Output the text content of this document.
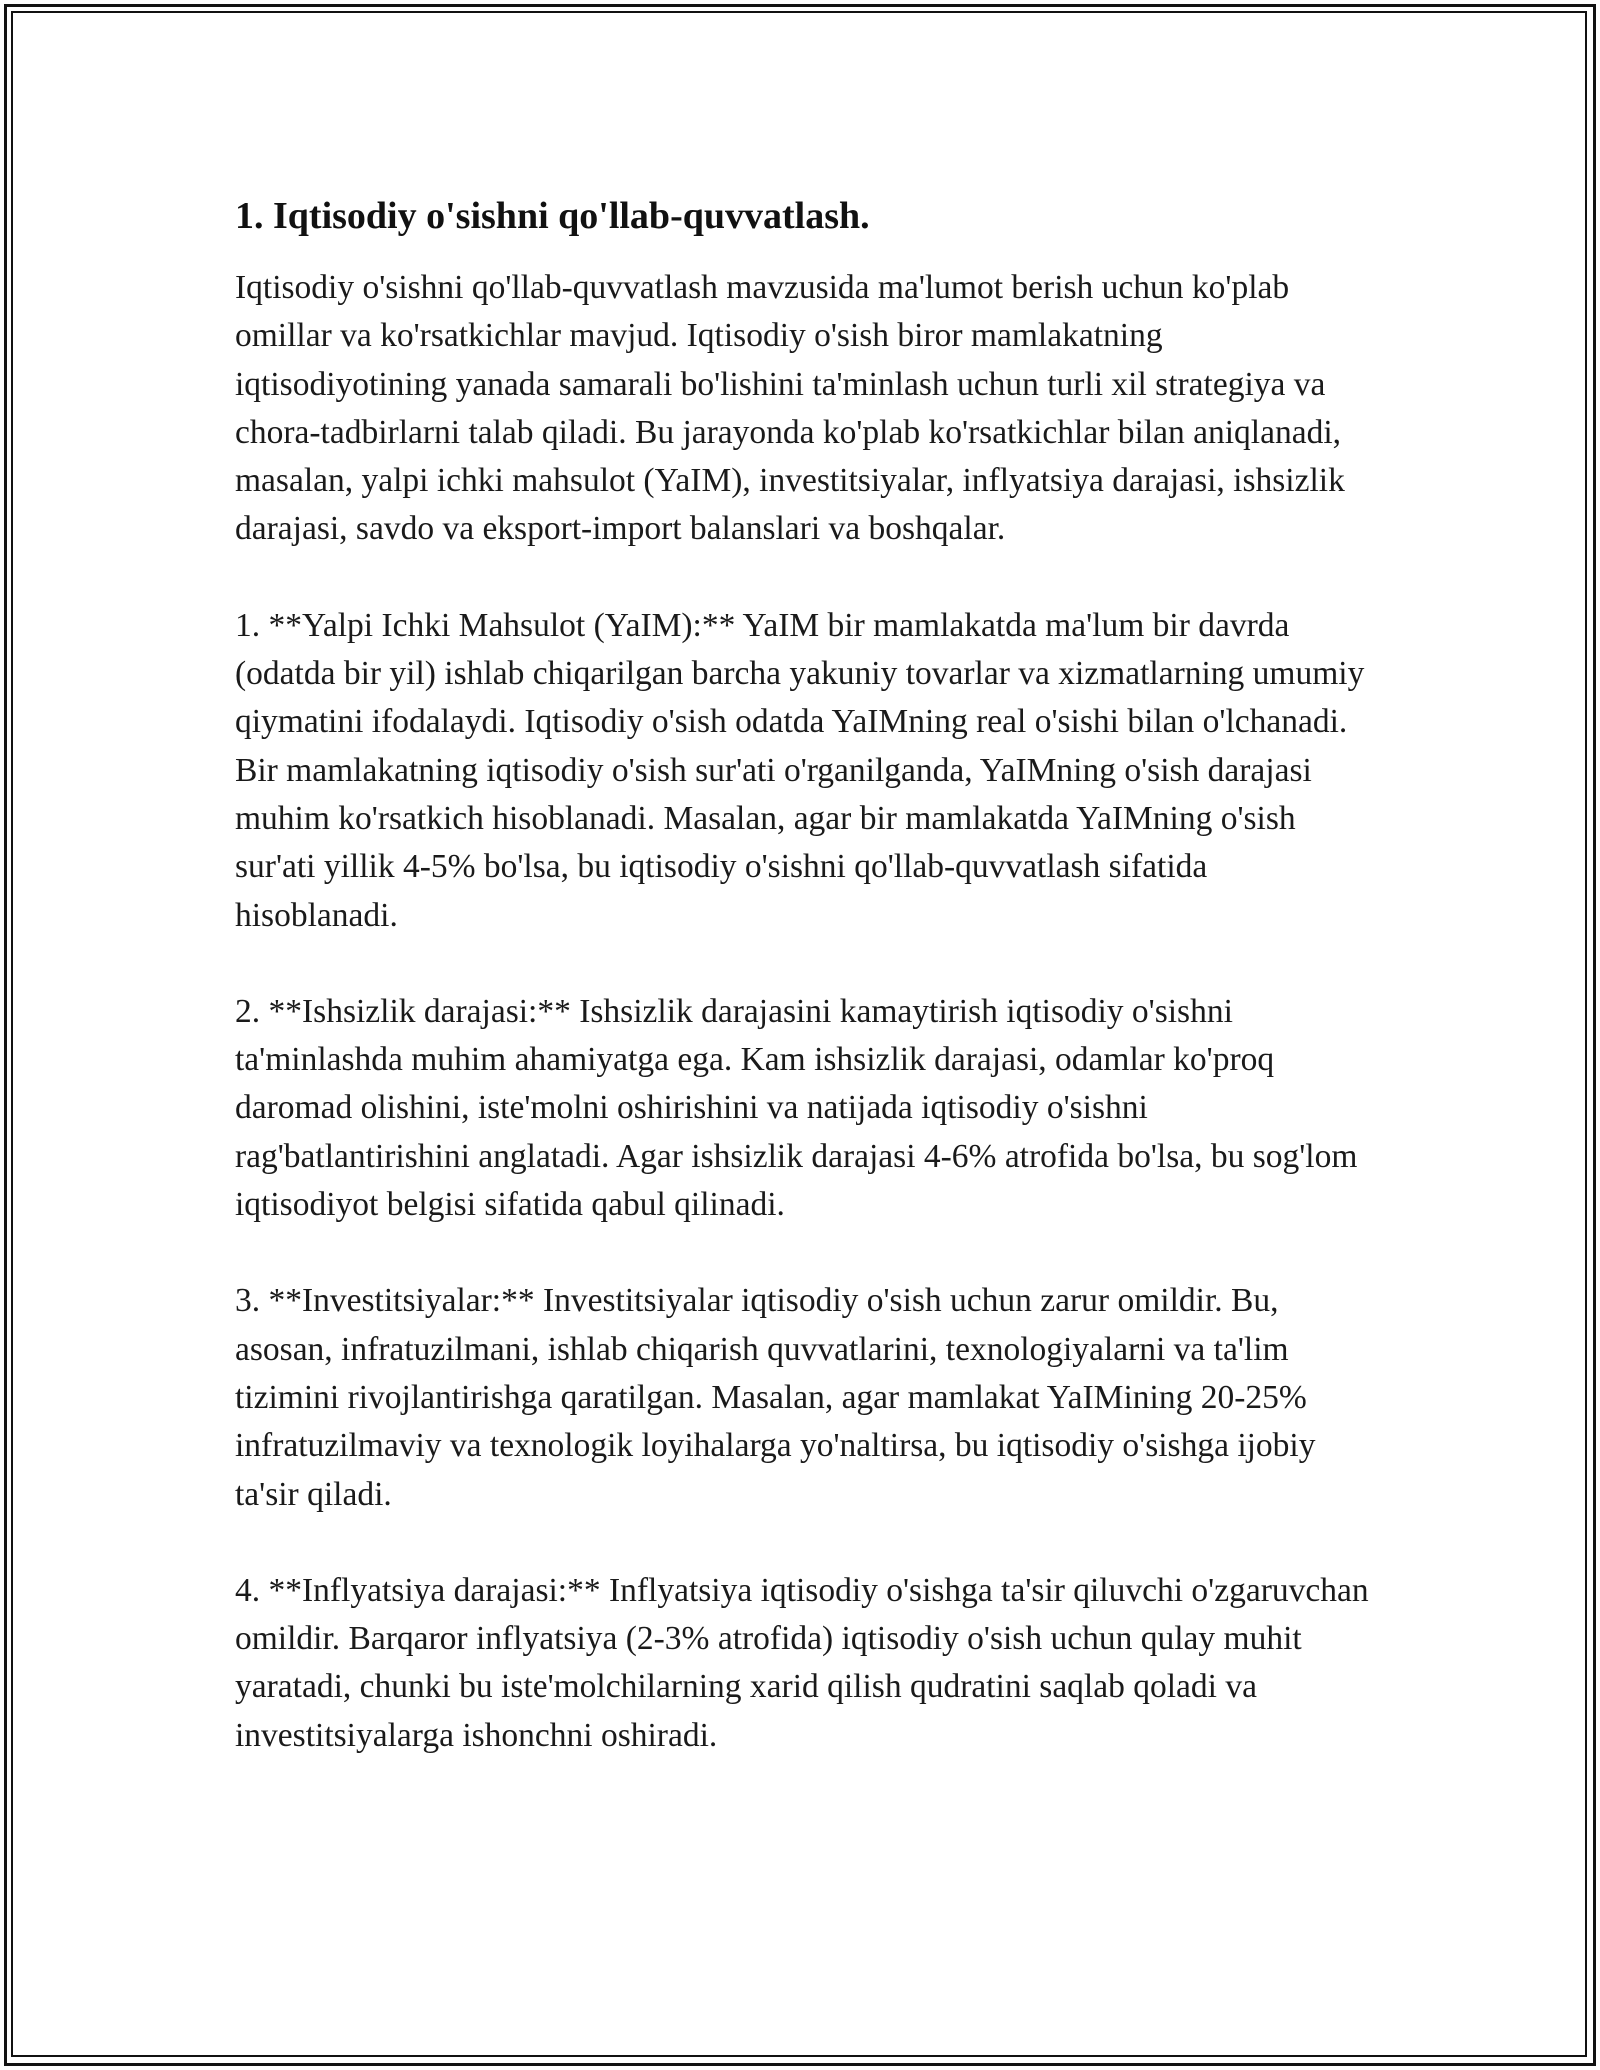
1. Iqtisodiy o'sishni qo'llab-quvvatlash.

Iqtisodiy o'sishni qo'llab-quvvatlash mavzusida ma'lumot berish uchun ko'plab omillar va ko'rsatkichlar mavjud. Iqtisodiy o'sish biror mamlakatning iqtisodiyotining yanada samarali bo'lishini ta'minlash uchun turli xil strategiya va chora-tadbirlarni talab qiladi. Bu jarayonda ko'plab ko'rsatkichlar bilan aniqlanadi, masalan, yalpi ichki mahsulot (YaIM), investitsiyalar, inflyatsiya darajasi, ishsizlik darajasi, savdo va eksport-import balanslari va boshqalar.

1. **Yalpi Ichki Mahsulot (YaIM):** YaIM bir mamlakatda ma'lum bir davrda (odatda bir yil) ishlab chiqarilgan barcha yakuniy tovarlar va xizmatlarning umumiy qiymatini ifodalaydi. Iqtisodiy o'sish odatda YaIMning real o'sishi bilan o'lchanadi. Bir mamlakatning iqtisodiy o'sish sur'ati o'rganilganda, YaIMning o'sish darajasi muhim ko'rsatkich hisoblanadi. Masalan, agar bir mamlakatda YaIMning o'sish sur'ati yillik 4-5% bo'lsa, bu iqtisodiy o'sishni qo'llab-quvvatlash sifatida hisoblanadi.

2. **Ishsizlik darajasi:** Ishsizlik darajasini kamaytirish iqtisodiy o'sishni ta'minlashda muhim ahamiyatga ega. Kam ishsizlik darajasi, odamlar ko'proq daromad olishini, iste'molni oshirishini va natijada iqtisodiy o'sishni rag'batlantirishini anglatadi. Agar ishsizlik darajasi 4-6% atrofida bo'lsa, bu sog'lom iqtisodiyot belgisi sifatida qabul qilinadi.

3. **Investitsiyalar:** Investitsiyalar iqtisodiy o'sish uchun zarur omildir. Bu, asosan, infratuzilmani, ishlab chiqarish quvvatlarini, texnologiyalarni va ta'lim tizimini rivojlantirishga qaratilgan. Masalan, agar mamlakat YaIMining 20-25% infratuzilmaviy va texnologik loyihalarga yo'naltirsa, bu iqtisodiy o'sishga ijobiy ta'sir qiladi.

4. **Inflyatsiya darajasi:** Inflyatsiya iqtisodiy o'sishga ta'sir qiluvchi o'zgaruvchan omildir. Barqaror inflyatsiya (2-3% atrofida) iqtisodiy o'sish uchun qulay muhit yaratadi, chunki bu iste'molchilarning xarid qilish qudratini saqlab qoladi va investitsiyalarga ishonchni oshiradi.
